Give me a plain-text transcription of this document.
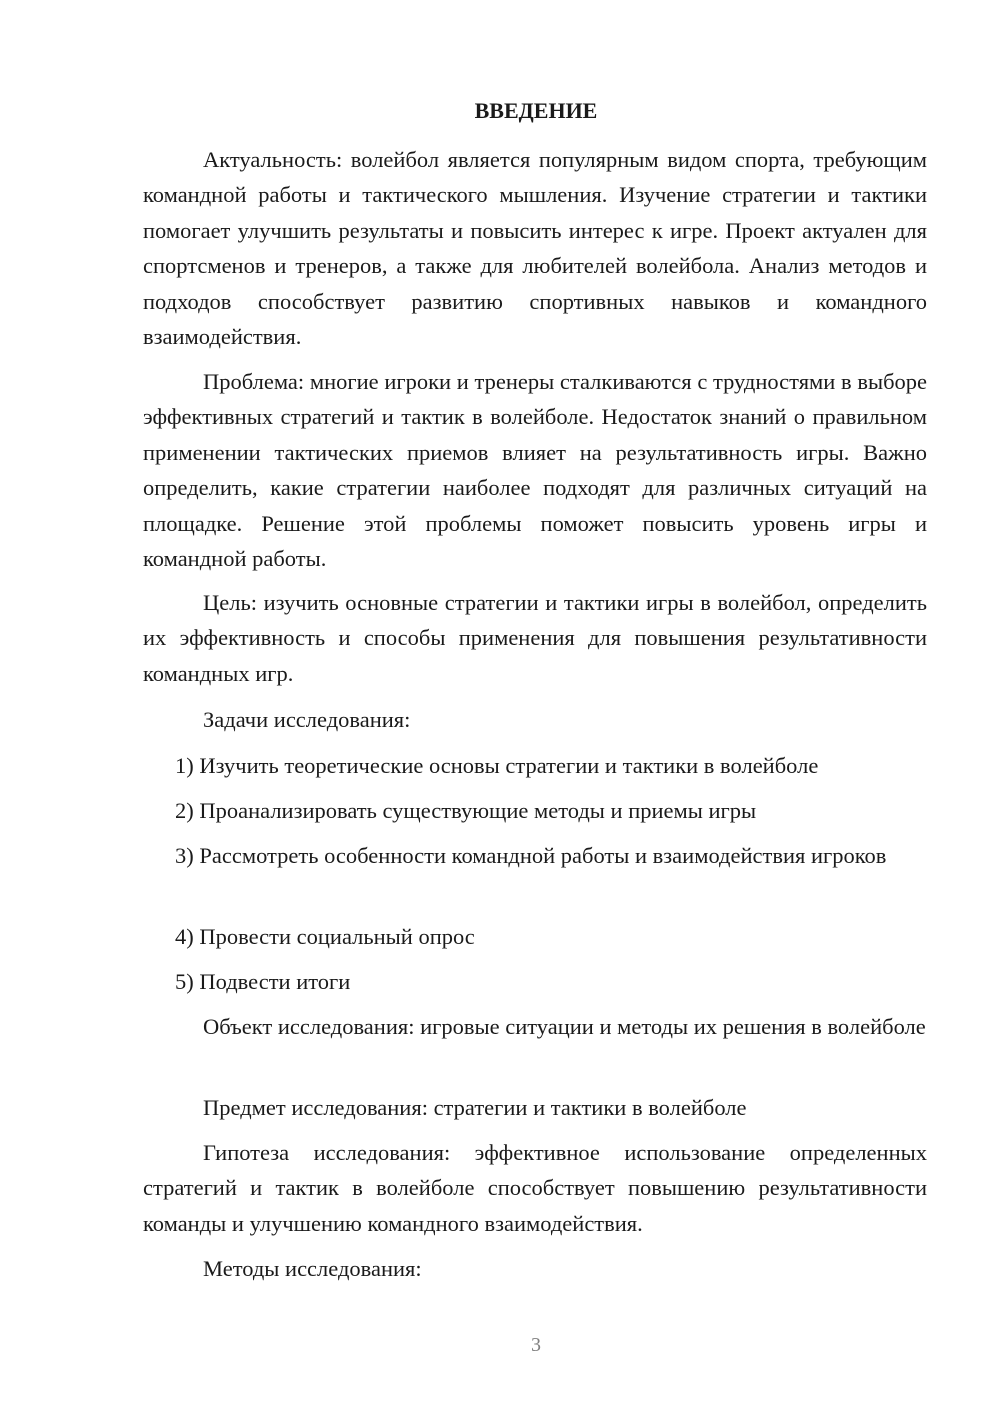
ВВЕДЕНИЕ

Актуальность: волейбол является популярным видом спорта, требующим командной работы и тактического мышления. Изучение стратегии и тактики помогает улучшить результаты и повысить интерес к игре. Проект актуален для спортсменов и тренеров, а также для любителей волейбола. Анализ методов и подходов способствует развитию спортивных навыков и командного взаимодействия.

Проблема: многие игроки и тренеры сталкиваются с трудностями в выборе эффективных стратегий и тактик в волейболе. Недостаток знаний о правильном применении тактических приемов влияет на результативность игры. Важно определить, какие стратегии наиболее подходят для различных ситуаций на площадке. Решение этой проблемы поможет повысить уровень игры и командной работы.

Цель: изучить основные стратегии и тактики игры в волейбол, определить их эффективность и способы применения для повышения результативности командных игр.

Задачи исследования:

1) Изучить теоретические основы стратегии и тактики в волейболе

2) Проанализировать существующие методы и приемы игры

3) Рассмотреть особенности командной работы и взаимодействия игроков

4) Провести социальный опрос

5) Подвести итоги

Объект исследования: игровые ситуации и методы их решения в волейболе

Предмет исследования: стратегии и тактики в волейболе

Гипотеза исследования: эффективное использование определенных стратегий и тактик в волейболе способствует повышению результативности команды и улучшению командного взаимодействия.

Методы исследования:

3
